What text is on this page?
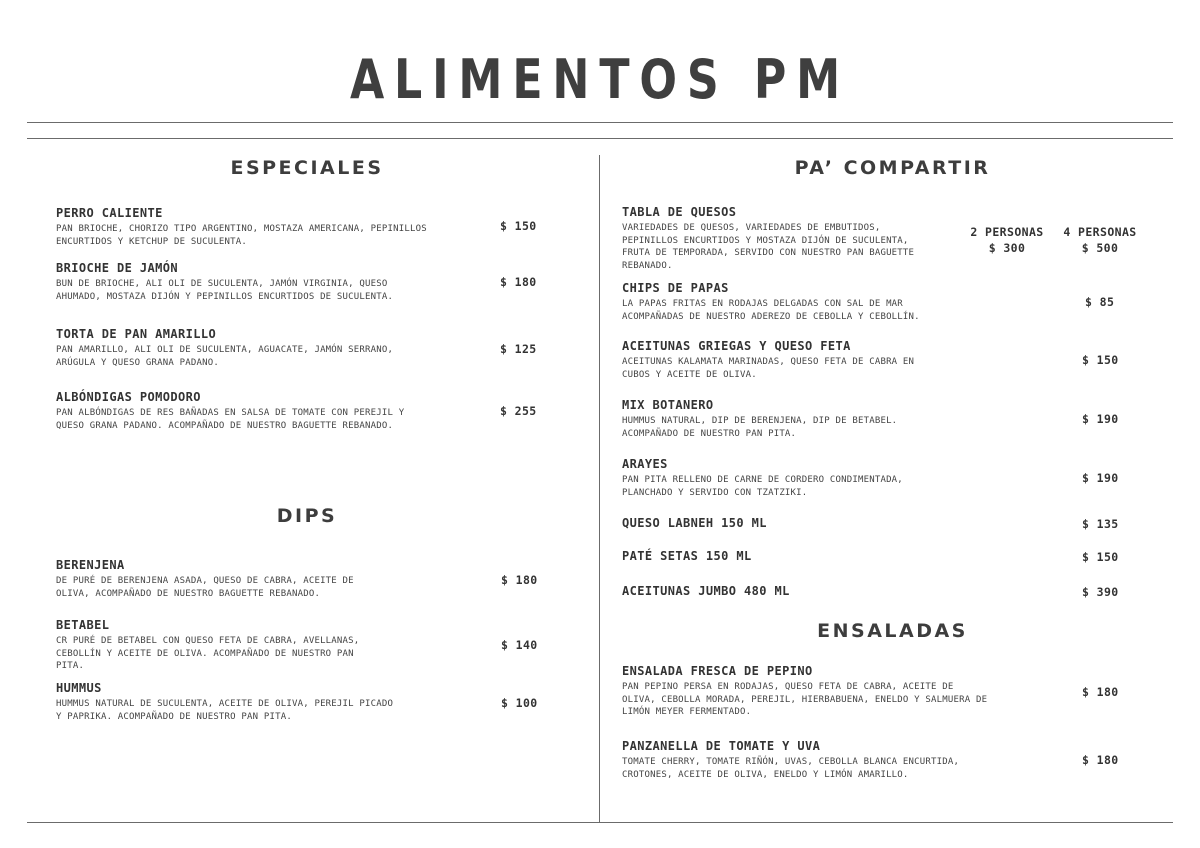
ALIMENTOS PM
ESPECIALES
PERRO CALIENTE
PAN BRIOCHE, CHORIZO TIPO ARGENTINO, MOSTAZA AMERICANA, PEPINILLOS ENCURTIDOS Y KETCHUP DE SUCULENTA.
$ 150
BRIOCHE DE JAMÓN
BUN DE BRIOCHE, ALI OLI DE SUCULENTA, JAMÓN VIRGINIA, QUESO AHUMADO, MOSTAZA DIJÓN Y PEPINILLOS ENCURTIDOS DE SUCULENTA.
$ 180
TORTA DE PAN AMARILLO
PAN AMARILLO, ALI OLI DE SUCULENTA, AGUACATE, JAMÓN SERRANO, ARÚGULA Y QUESO GRANA PADANO.
$ 125
ALBÓNDIGAS POMODORO
PAN ALBÓNDIGAS DE RES BAÑADAS EN SALSA DE TOMATE CON PEREJIL Y QUESO GRANA PADANO. ACOMPAÑADO DE NUESTRO BAGUETTE REBANADO.
$ 255
DIPS
BERENJENA
DE PURÉ DE BERENJENA ASADA, QUESO DE CABRA, ACEITE DE OLIVA, ACOMPAÑADO DE NUESTRO BAGUETTE REBANADO.
$ 180
BETABEL
CR PURÉ DE BETABEL CON QUESO FETA DE CABRA, AVELLANAS, CEBOLLÍN Y ACEITE DE OLIVA. ACOMPAÑADO DE NUESTRO PAN PITA.
$ 140
HUMMUS
HUMMUS NATURAL DE SUCULENTA, ACEITE DE OLIVA, PEREJIL PICADO Y PAPRIKA. ACOMPAÑADO DE NUESTRO PAN PITA.
$ 100
PA’ COMPARTIR
TABLA DE QUESOS
VARIEDADES DE QUESOS, VARIEDADES DE EMBUTIDOS, PEPINILLOS ENCURTIDOS Y MOSTAZA DIJÓN DE SUCULENTA, FRUTA DE TEMPORADA, SERVIDO CON NUESTRO PAN BAGUETTE REBANADO.
2 PERSONAS
$ 300
4 PERSONAS
$ 500
CHIPS DE PAPAS
LA PAPAS FRITAS EN RODAJAS DELGADAS CON SAL DE MAR ACOMPAÑADAS DE NUESTRO ADEREZO DE CEBOLLA Y CEBOLLÍN.
$ 85
ACEITUNAS GRIEGAS Y QUESO FETA
ACEITUNAS KALAMATA MARINADAS, QUESO FETA DE CABRA EN CUBOS Y ACEITE DE OLIVA.
$ 150
MIX BOTANERO
HUMMUS NATURAL, DIP DE BERENJENA, DIP DE BETABEL. ACOMPAÑADO DE NUESTRO PAN PITA.
$ 190
ARAYES
PAN PITA RELLENO DE CARNE DE CORDERO CONDIMENTADA, PLANCHADO Y SERVIDO CON TZATZIKI.
$ 190
QUESO LABNEH 150 ML	$ 135
PATÉ SETAS 150 ML	$ 150
ACEITUNAS JUMBO 480 ML	$ 390
ENSALADAS
ENSALADA FRESCA DE PEPINO
PAN PEPINO PERSA EN RODAJAS, QUESO FETA DE CABRA, ACEITE DE OLIVA, CEBOLLA MORADA, PEREJIL, HIERBABUENA, ENELDO Y SALMUERA DE LIMÓN MEYER FERMENTADO.
$ 180
PANZANELLA DE TOMATE Y UVA
TOMATE CHERRY, TOMATE RIÑÓN, UVAS, CEBOLLA BLANCA ENCURTIDA, CROTONES, ACEITE DE OLIVA, ENELDO Y LIMÓN AMARILLO.
$ 180
